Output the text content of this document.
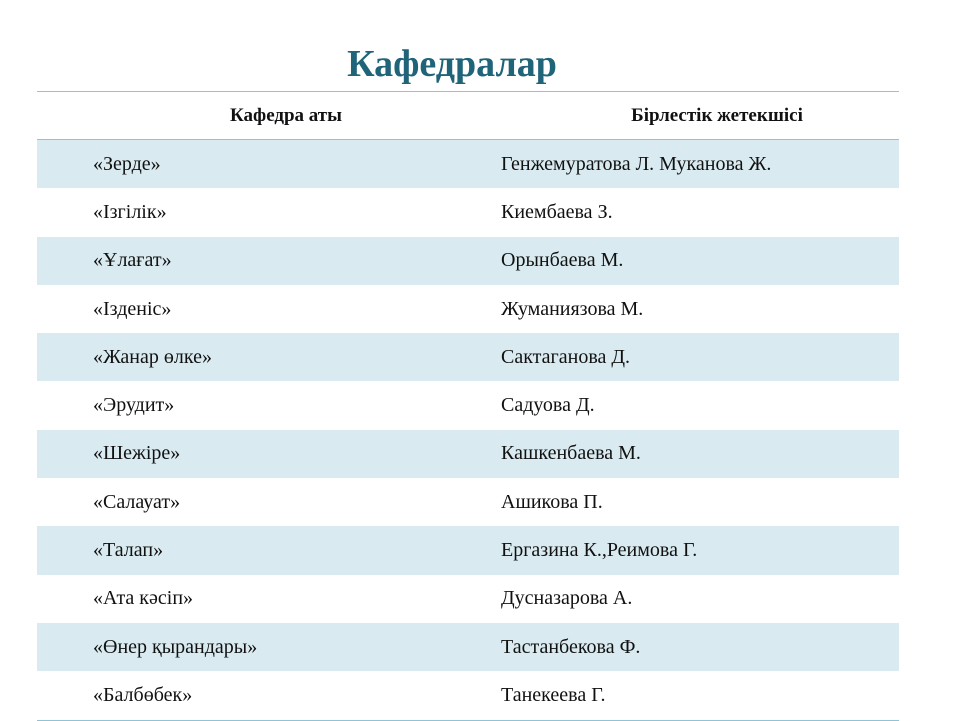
Кафедралар
Кафедра аты	Бірлестік жетекшісі
«Зерде»	Генжемуратова Л. Муканова Ж.
«Ізгілік»	Киембаева З.
«Ұлағат»	Орынбаева М.
«Ізденіс»	Жуманиязова М.
«Жанар өлке»	Сактаганова Д.
«Эрудит»	Садуова Д.
«Шежіре»	Кашкенбаева М.
«Салауат»	Ашикова П.
«Талап»	Ергазина К.,Реимова Г.
«Ата кәсіп»	Дусназарова А.
«Өнер қырандары»	Тастанбекова Ф.
«Балбөбек»	Танекеева Г.
